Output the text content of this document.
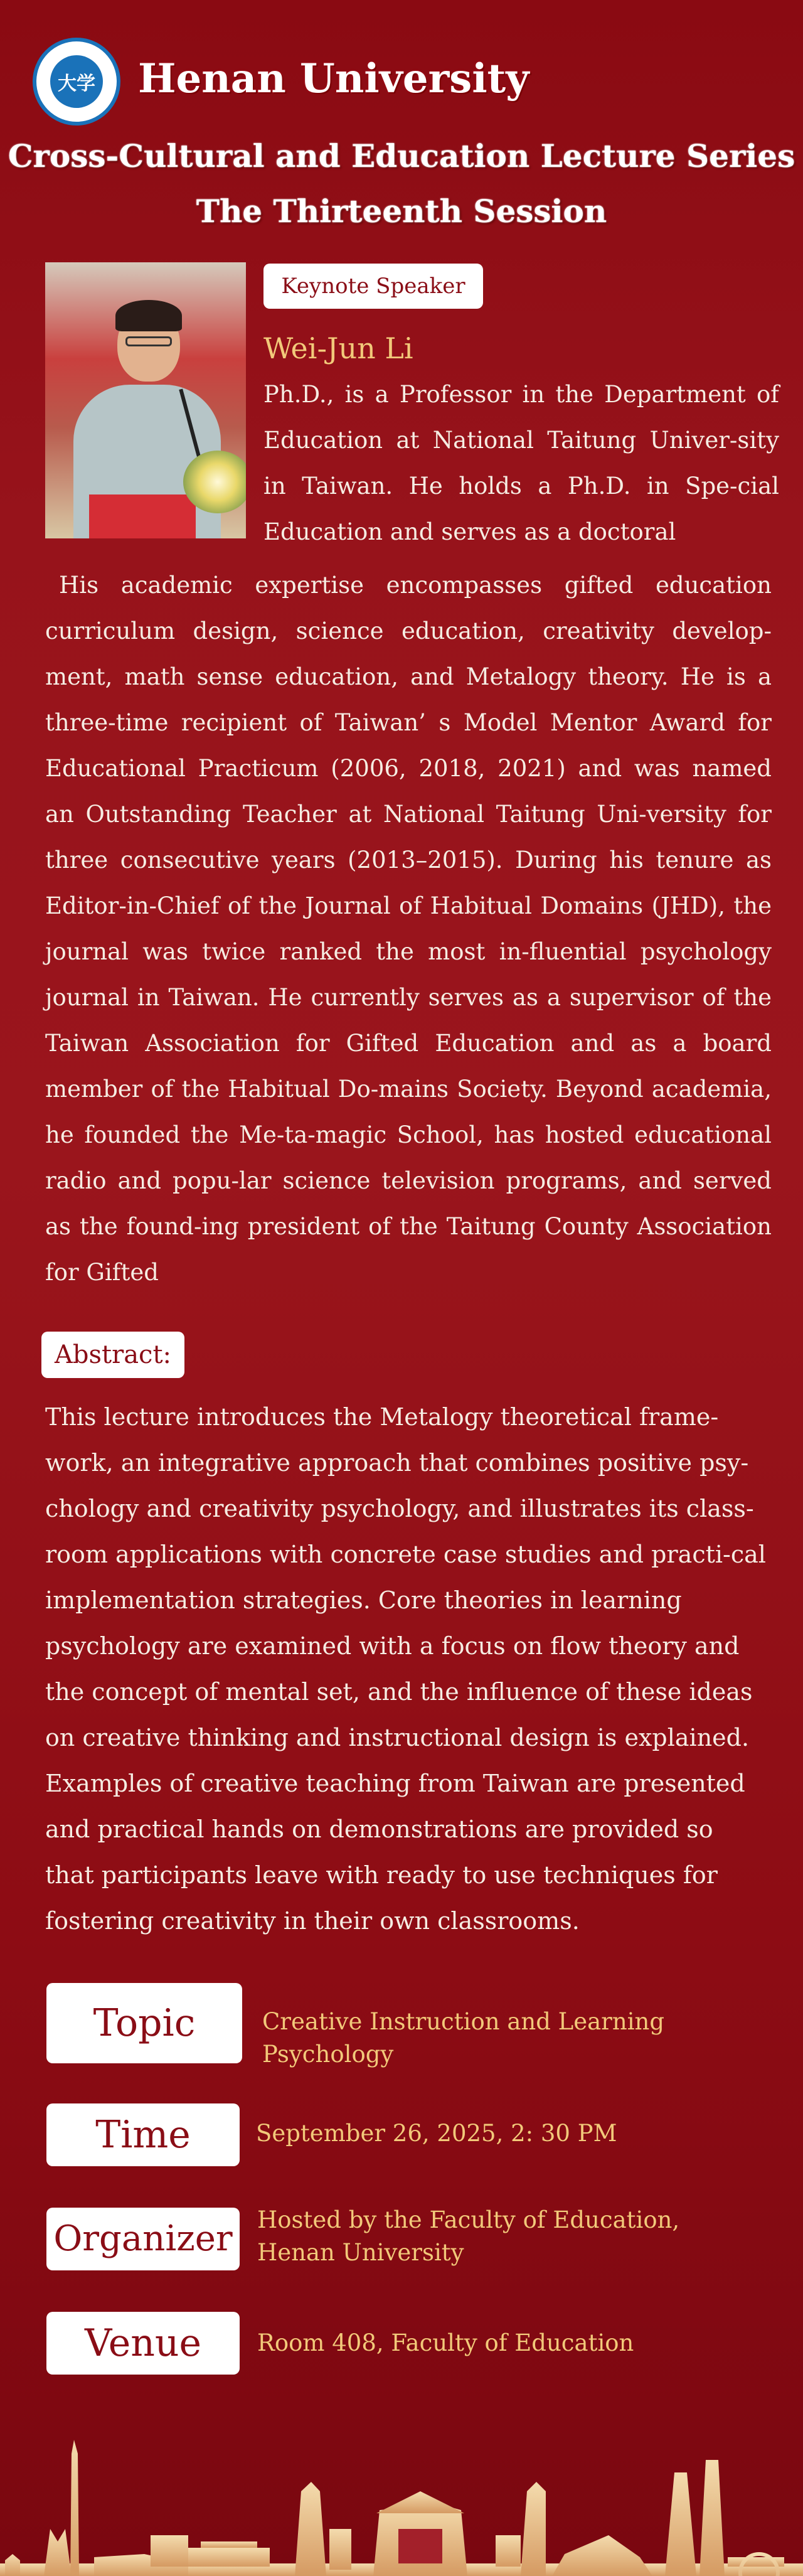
大学 Henan University
Cross-Cultural and Education Lecture Series
The Thirteenth Session
Keynote Speaker
Wei-Jun Li
Ph.D., is a Professor in the Department of Education at National Taitung Univer-sity in Taiwan. He holds a Ph.D. in Spe-cial Education and serves as a doctoral
His academic expertise encompasses gifted education curriculum design, science education, creativity develop-ment, math sense education, and Metalogy theory. He is a three-time recipient of Taiwan’ s Model Mentor Award for Educational Practicum (2006, 2018, 2021) and was named an Outstanding Teacher at National Taitung Uni-versity for three consecutive years (2013–2015). During his tenure as Editor-in-Chief of the Journal of Habitual Domains (JHD), the journal was twice ranked the most in-fluential psychology journal in Taiwan. He currently serves as a supervisor of the Taiwan Association for Gifted Education and as a board member of the Habitual Do-mains Society. Beyond academia, he founded the Me-ta-magic School, has hosted educational radio and popu-lar science television programs, and served as the found-ing president of the Taitung County Association for Gifted
Abstract:
This lecture introduces the Metalogy theoretical frame-work, an integrative approach that combines positive psy-chology and creativity psychology, and illustrates its class-room applications with concrete case studies and practi-cal implementation strategies. Core theories in learning psychology are examined with a focus on flow theory and the concept of mental set, and the influence of these ideas on creative thinking and instructional design is explained. Examples of creative teaching from Taiwan are presented and practical hands on demonstrations are provided so that participants leave with ready to use techniques for fostering creativity in their own classrooms.
Topic	Creative Instruction and Learning Psychology
Time	September 26, 2025, 2: 30 PM
Organizer	Hosted by the Faculty of Education,
Henan University
Venue	Room 408, Faculty of Education
